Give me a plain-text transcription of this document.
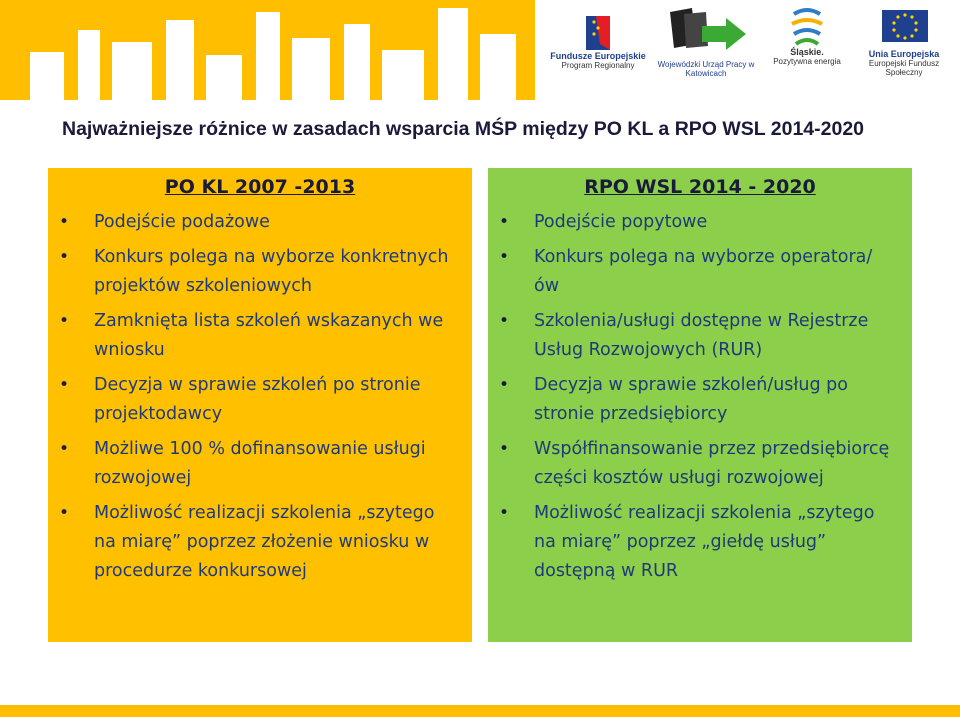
Fundusze Europejskie
Program Regionalny	Wojewódzki Urząd Pracy w Katowicach
Śląskie.
Pozytywna energia
Unia Europejska
Europejski Fundusz Społeczny
Najważniejsze różnice w zasadach wsparcia MŚP między PO KL a RPO WSL 2014-2020
PO KL 2007 -2013
• Podejście podażowe
• Konkurs polega na wyborze konkretnych projektów szkoleniowych
• Zamknięta lista szkoleń wskazanych we wniosku
• Decyzja w sprawie szkoleń po stronie projektodawcy
• Możliwe 100 % dofinansowanie usługi rozwojowej
• Możliwość realizacji szkolenia „szytego na miarę” poprzez złożenie wniosku w procedurze konkursowej
RPO WSL 2014 - 2020
• Podejście popytowe
• Konkurs polega na wyborze operatora/ów
• Szkolenia/usługi dostępne w Rejestrze Usług Rozwojowych (RUR)
• Decyzja w sprawie szkoleń/usług po stronie przedsiębiorcy
• Współfinansowanie przez przedsiębiorcę części kosztów usługi rozwojowej
• Możliwość realizacji szkolenia „szytego na miarę” poprzez „giełdę usług” dostępną w RUR
